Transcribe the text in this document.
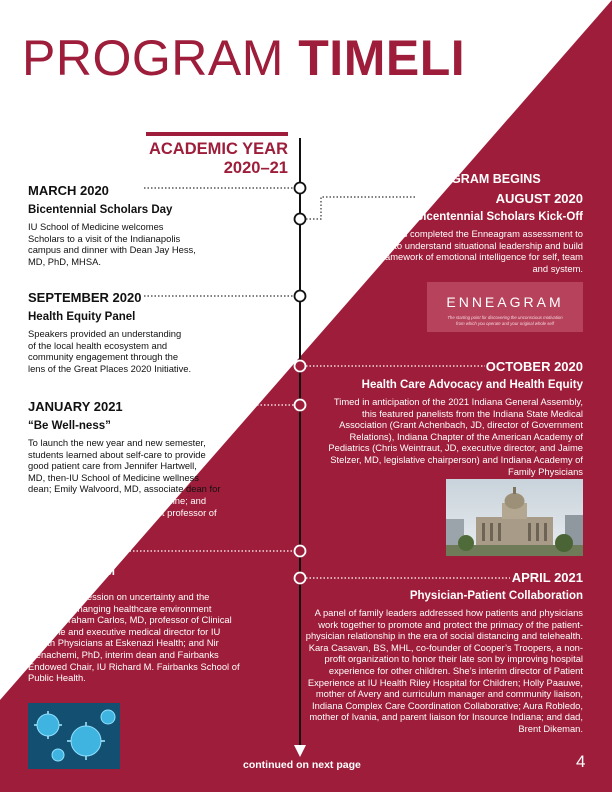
PROGRAM TIMELINE
ACADEMIC YEAR
2020–21
MARCH 2020
Bicentennial Scholars Day
IU School of Medicine welcomes
Scholars to a visit of the Indianapolis
campus and dinner with Dean Jay Hess,
MD, PhD, MHSA.
SEPTEMBER 2020
Health Equity Panel
Speakers provided an understanding
of the local health ecosystem and
community engagement through the
lens of the Great Places 2020 Initiative.
JANUARY 2021
“Be Well-ness”
To launch the new year and new semester,
students learned about self-care to provide
good patient care from Jennifer Hartwell,
MD, then-IU School of Medicine wellness
dean; Emily Walvoord, MD, associate dean for
Student Affairs, IU School of Medicine; and
Kristen Schroeder, MD, assistant professor of
Clinical Psychiatry.
MARCH 2021
COVID-19 Panel
A leadership session on uncertainty and the
constantly changing healthcare environment
with W. Graham Carlos, MD, professor of Clinical
Medicine and executive medical director for IU
Health Physicians at Eskenazi Health; and Nir
Menachemi, PhD, interim dean and Fairbanks
Endowed Chair, IU Richard M. Fairbanks School of
Public Health.
PROGRAM BEGINS
AUGUST 2020
Bicentennial Scholars Kick-Off
Scholars completed the Enneagram assessment to
begin to understand situational leadership and build
a framework of emotional intelligence for self, team
and system.
ENNEAGRAM
The starting point for discovering the unconscious motivation
from which you operate and your original whole self
OCTOBER 2020
Health Care Advocacy and Health Equity
Timed in anticipation of the 2021 Indiana General Assembly,
this featured panelists from the Indiana State Medical
Association (Grant Achenbach, JD, director of Government
Relations), Indiana Chapter of the American Academy of
Pediatrics (Chris Weintraut, JD, executive director, and Jaime
Stelzer, MD, legislative chairperson) and Indiana Academy of
Family Physicians
APRIL 2021
Physician-Patient Collaboration
A panel of family leaders addressed how patients and physicians
work together to promote and protect the primacy of the patient-
physician relationship in the era of social distancing and telehealth.
Kara Casavan, BS, MHL, co-founder of Cooper’s Troopers, a non-
profit organization to honor their late son by improving hospital
experience for other children. She’s interim director of Patient
Experience at IU Health Riley Hospital for Children; Holly Paauwe,
mother of Avery and curriculum manager and community liaison,
Indiana Complex Care Coordination Collaborative; Aura Robledo,
mother of Ivania, and parent liaison for Insource Indiana; and dad,
Brent Dikeman.
continued on next page	4
